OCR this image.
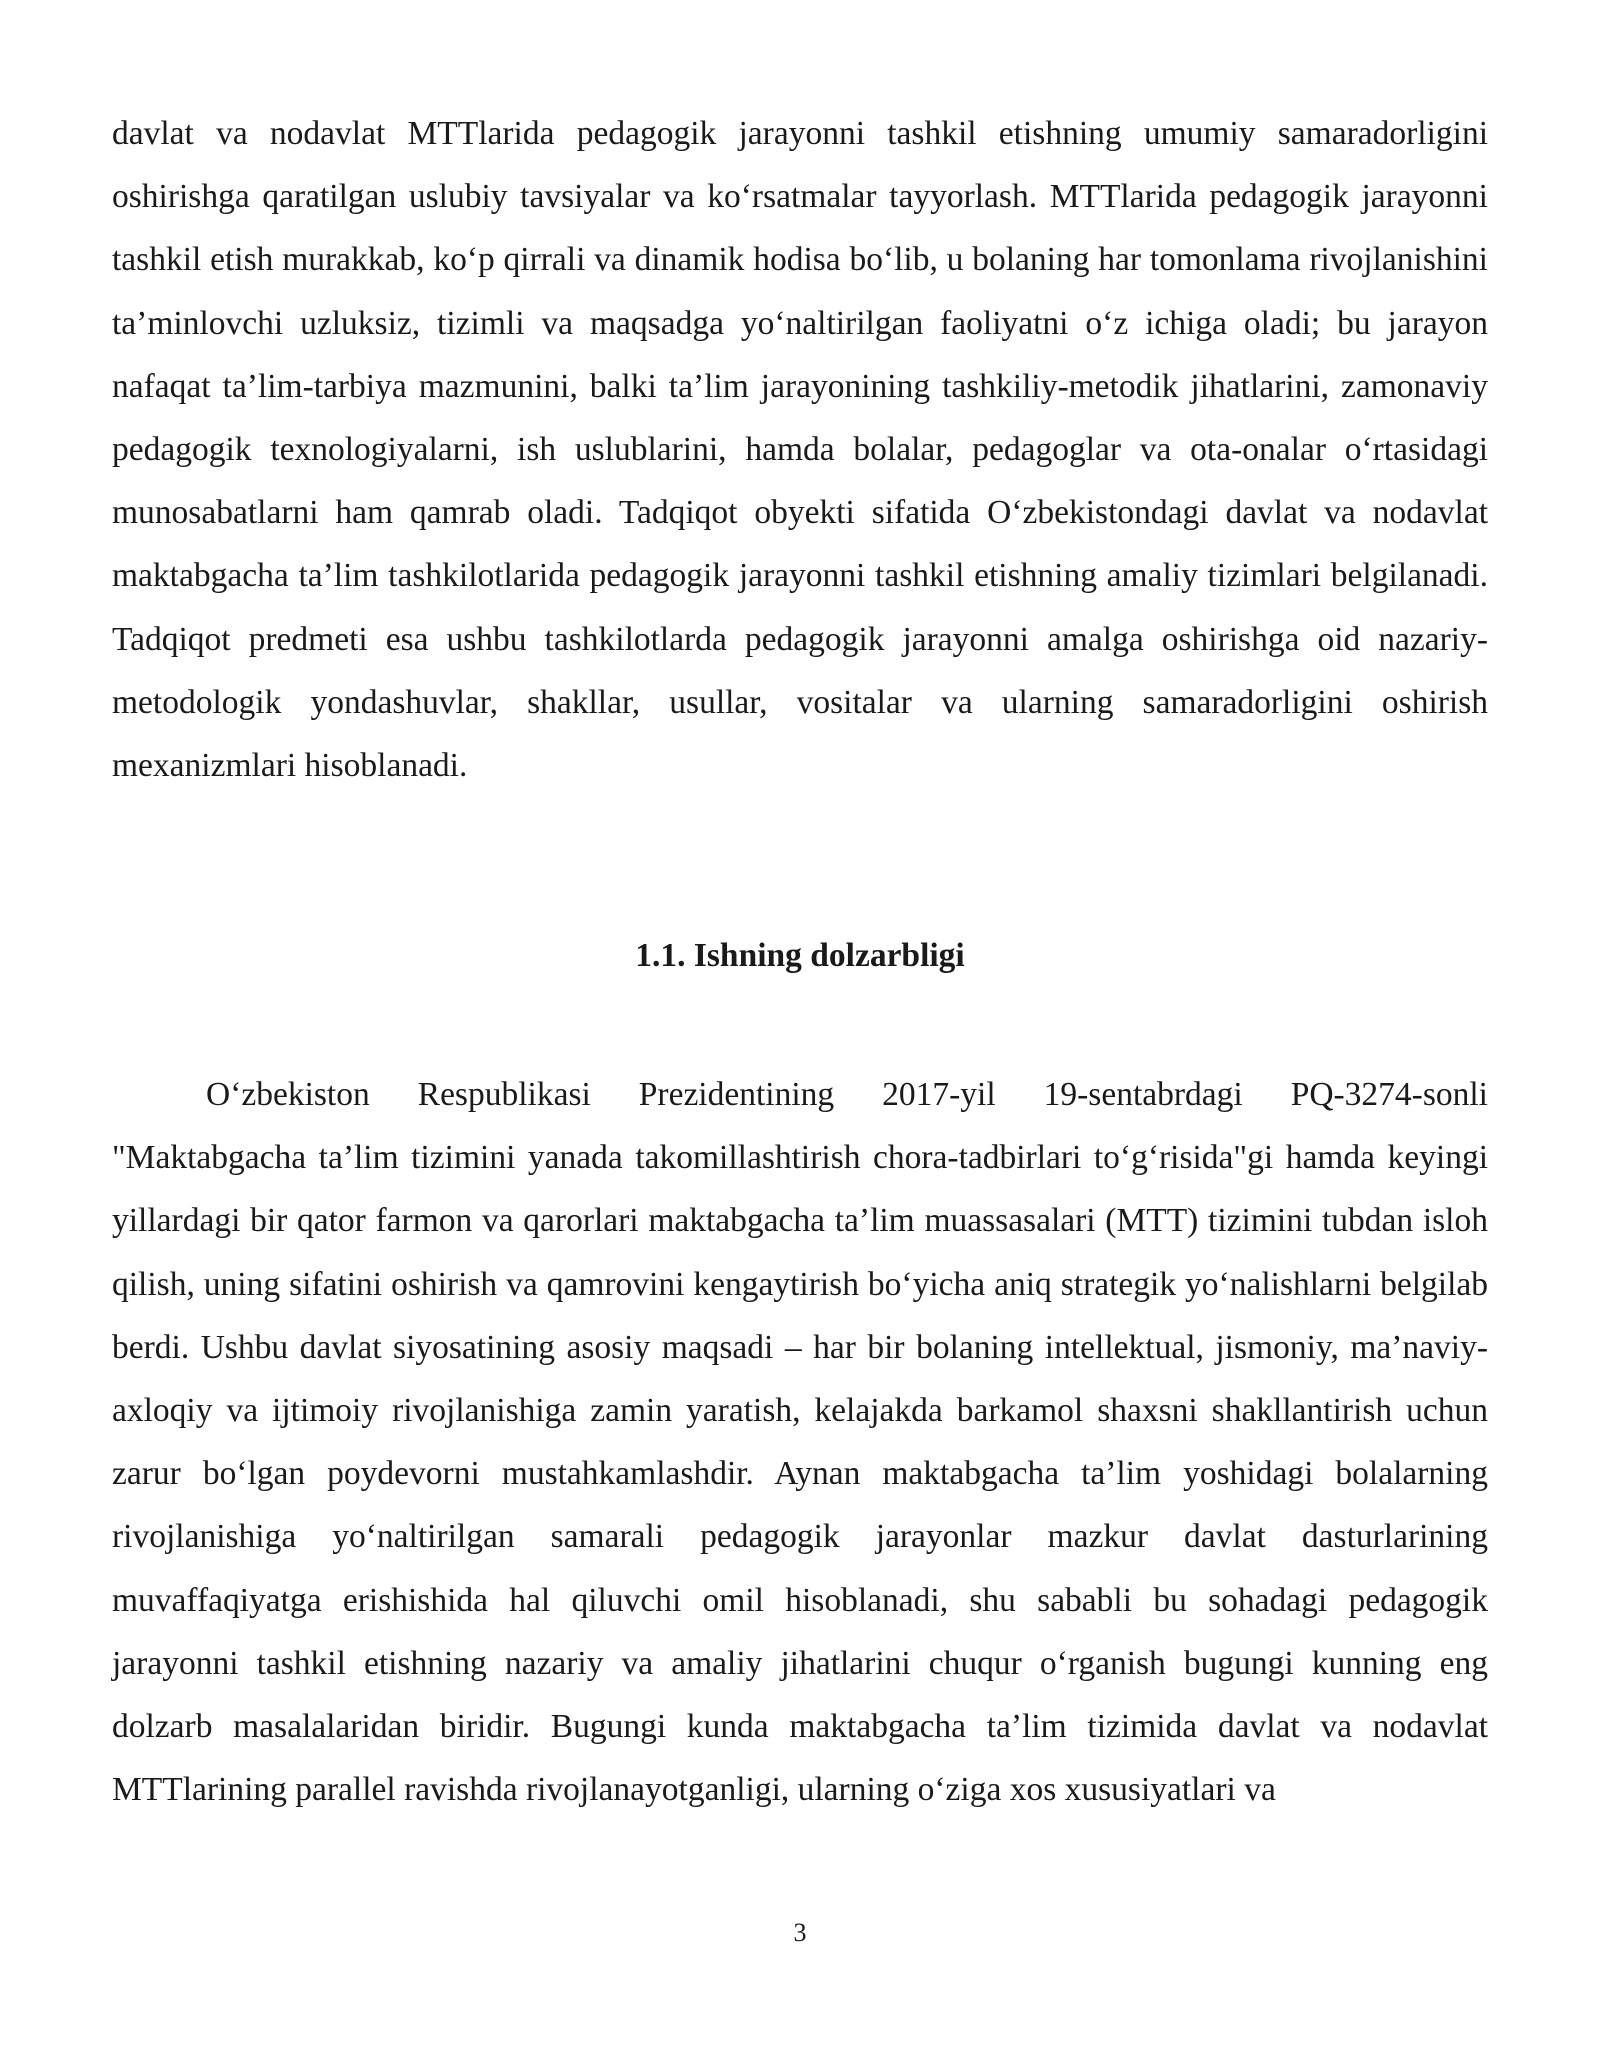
davlat va nodavlat MTTlarida pedagogik jarayonni tashkil etishning umumiy samaradorligini oshirishga qaratilgan uslubiy tavsiyalar va ko‘rsatmalar tayyorlash. MTTlarida pedagogik jarayonni tashkil etish murakkab, ko‘p qirrali va dinamik hodisa bo‘lib, u bolaning har tomonlama rivojlanishini ta’minlovchi uzluksiz, tizimli va maqsadga yo‘naltirilgan faoliyatni o‘z ichiga oladi; bu jarayon nafaqat ta’lim-tarbiya mazmunini, balki ta’lim jarayonining tashkiliy-metodik jihatlarini, zamonaviy pedagogik texnologiyalarni, ish uslublarini, hamda bolalar, pedagoglar va ota-onalar o‘rtasidagi munosabatlarni ham qamrab oladi. Tadqiqot obyekti sifatida O‘zbekistondagi davlat va nodavlat maktabgacha ta’lim tashkilotlarida pedagogik jarayonni tashkil etishning amaliy tizimlari belgilanadi. Tadqiqot predmeti esa ushbu tashkilotlarda pedagogik jarayonni amalga oshirishga oid nazariy-metodologik yondashuvlar, shakllar, usullar, vositalar va ularning samaradorligini oshirish mexanizmlari hisoblanadi.

1.1. Ishning dolzarbligi

O‘zbekiston Respublikasi Prezidentining 2017-yil 19-sentabrdagi PQ-3274-sonli "Maktabgacha ta’lim tizimini yanada takomillashtirish chora-tadbirlari to‘g‘risida"gi hamda keyingi yillardagi bir qator farmon va qarorlari maktabgacha ta’lim muassasalari (MTT) tizimini tubdan isloh qilish, uning sifatini oshirish va qamrovini kengaytirish bo‘yicha aniq strategik yo‘nalishlarni belgilab berdi. Ushbu davlat siyosatining asosiy maqsadi – har bir bolaning intellektual, jismoniy, ma’naviy-axloqiy va ijtimoiy rivojlanishiga zamin yaratish, kelajakda barkamol shaxsni shakllantirish uchun zarur bo‘lgan poydevorni mustahkamlashdir. Aynan maktabgacha ta’lim yoshidagi bolalarning rivojlanishiga yo‘naltirilgan samarali pedagogik jarayonlar mazkur davlat dasturlarining muvaffaqiyatga erishishida hal qiluvchi omil hisoblanadi, shu sababli bu sohadagi pedagogik jarayonni tashkil etishning nazariy va amaliy jihatlarini chuqur o‘rganish bugungi kunning eng dolzarb masalalaridan biridir. Bugungi kunda maktabgacha ta’lim tizimida davlat va nodavlat MTTlarining parallel ravishda rivojlanayotganligi, ularning o‘ziga xos xususiyatlari va

3
